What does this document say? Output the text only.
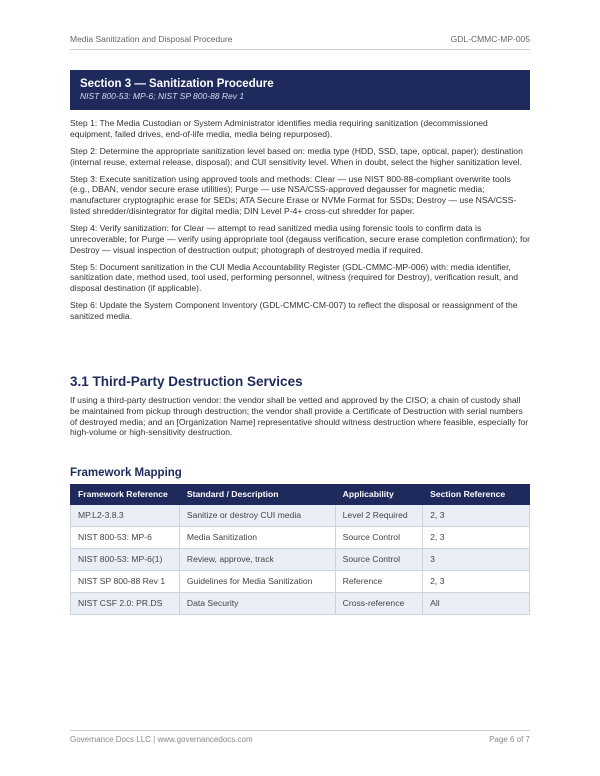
Media Sanitization and Disposal Procedure	GDL-CMMC-MP-005
Section 3 — Sanitization Procedure
NIST 800-53: MP-6; NIST SP 800-88 Rev 1

Step 1: The Media Custodian or System Administrator identifies media requiring sanitization (decommissioned equipment, failed drives, end-of-life media, media being repurposed).

Step 2: Determine the appropriate sanitization level based on: media type (HDD, SSD, tape, optical, paper); destination (internal reuse, external release, disposal); and CUI sensitivity level. When in doubt, select the higher sanitization level.

Step 3: Execute sanitization using approved tools and methods: Clear — use NIST 800-88-compliant overwrite tools (e.g., DBAN, vendor secure erase utilities); Purge — use NSA/CSS-approved degausser for magnetic media; manufacturer cryptographic erase for SEDs; ATA Secure Erase or NVMe Format for SSDs; Destroy — use NSA/CSS-listed shredder/disintegrator for digital media; DIN Level P-4+ cross-cut shredder for paper.

Step 4: Verify sanitization: for Clear — attempt to read sanitized media using forensic tools to confirm data is unrecoverable; for Purge — verify using appropriate tool (degauss verification, secure erase completion confirmation); for Destroy — visual inspection of destruction output; photograph of destroyed media if required.

Step 5: Document sanitization in the CUI Media Accountability Register (GDL-CMMC-MP-006) with: media identifier, sanitization date, method used, tool used, performing personnel, witness (required for Destroy), verification result, and disposal destination (if applicable).

Step 6: Update the System Component Inventory (GDL-CMMC-CM-007) to reflect the disposal or reassignment of the sanitized media.

3.1 Third-Party Destruction Services

If using a third-party destruction vendor: the vendor shall be vetted and approved by the CISO; a chain of custody shall be maintained from pickup through destruction; the vendor shall provide a Certificate of Destruction with serial numbers of destroyed media; and an [Organization Name] representative should witness destruction where feasible, especially for high-volume or high-sensitivity destruction.

Framework Mapping
Framework Reference	Standard / Description	Applicability	Section Reference
MP.L2-3.8.3	Sanitize or destroy CUI media	Level 2 Required	2, 3
NIST 800-53: MP-6	Media Sanitization	Source Control	2, 3
NIST 800-53: MP-6(1)	Review, approve, track	Source Control	3
NIST SP 800-88 Rev 1	Guidelines for Media Sanitization	Reference	2, 3
NIST CSF 2.0: PR.DS	Data Security	Cross-reference	All
Governance Docs LLC | www.governancedocs.com	Page 6 of 7
